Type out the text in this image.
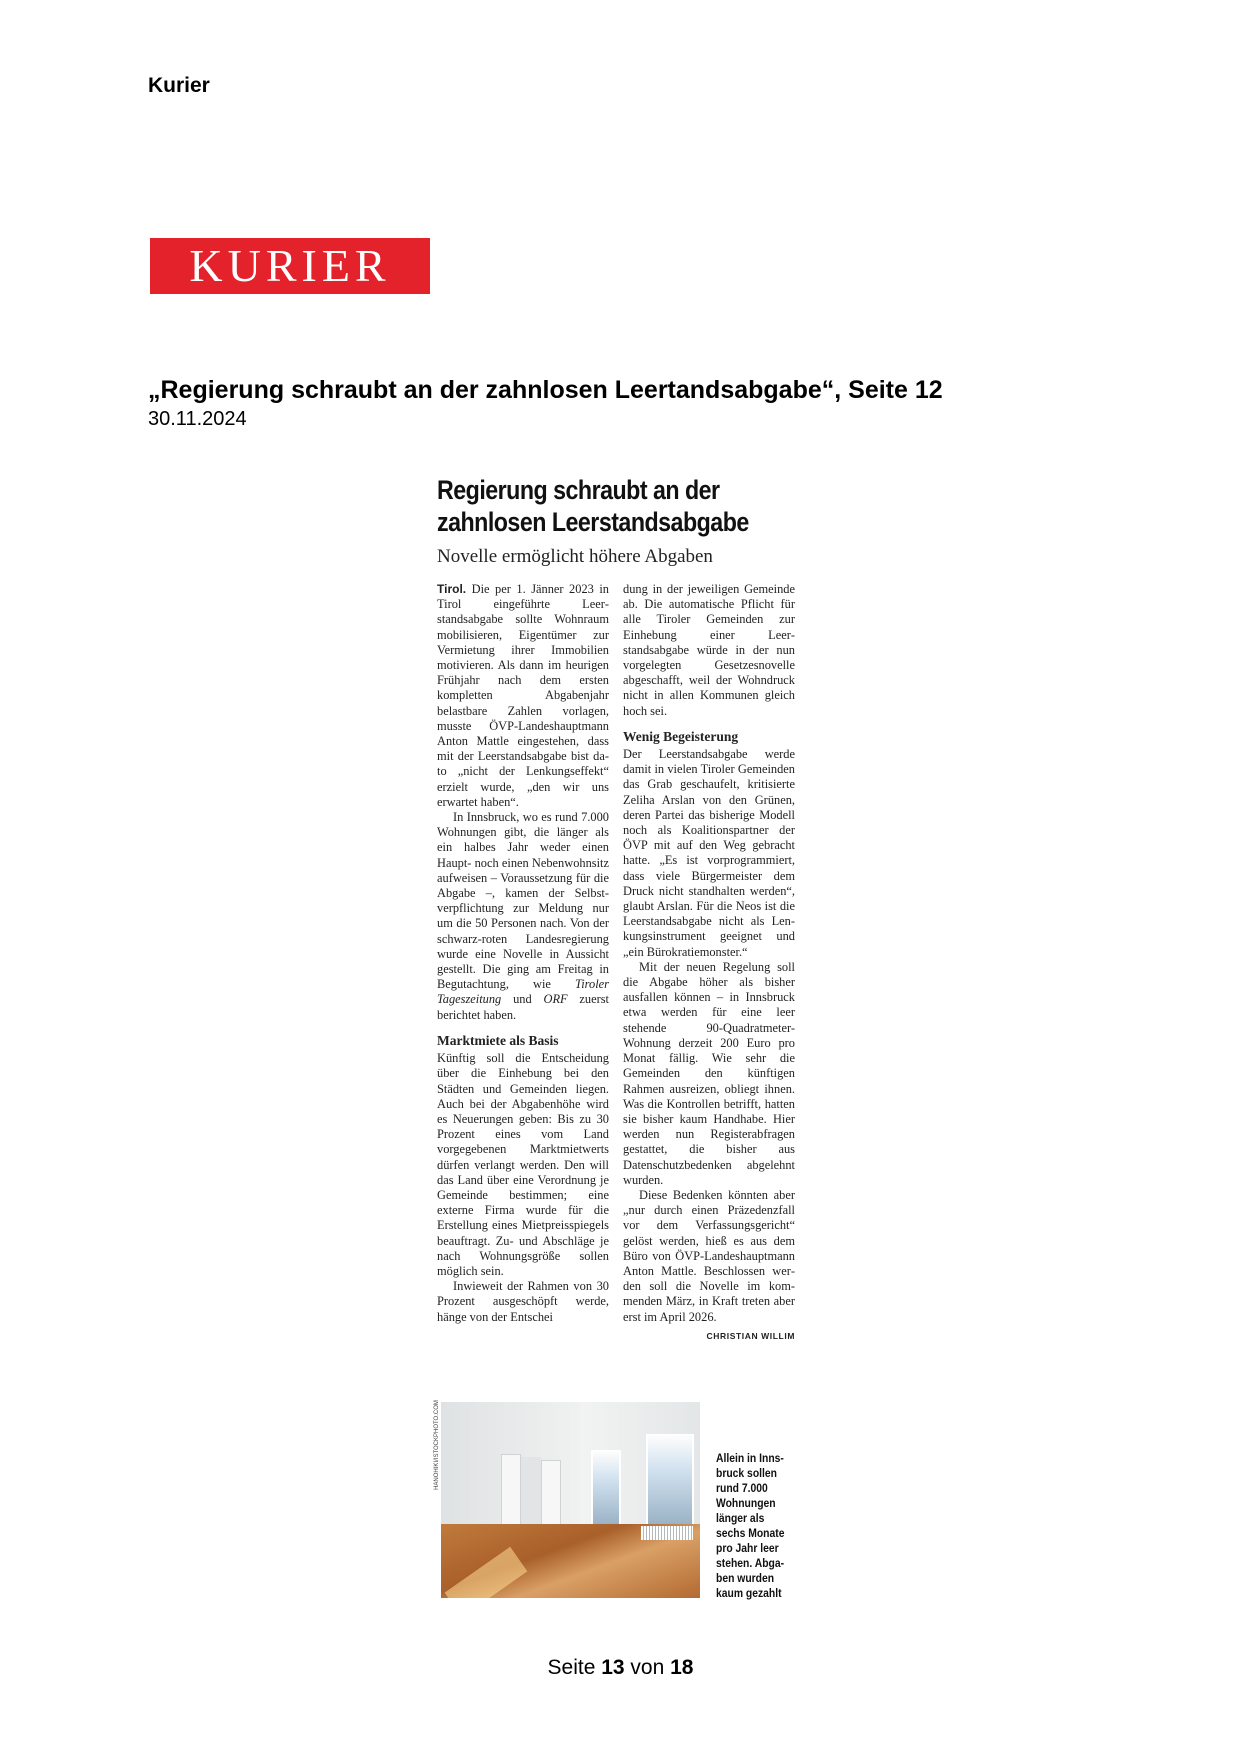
Kurier
KURIER
„Regierung schraubt an der zahnlosen Leertandsabgabe“, Seite 12
30.11.2024
Regierung schraubt an der
zahnlosen Leerstandsabgabe
Novelle ermöglicht höhere Abgaben

Tirol. Die per 1. Jänner 2023 in Tirol eingeführte Leerstandsabgabe sollte Wohnraum mobilisieren, Eigentümer zur Vermietung ihrer Immobilien motivieren. Als dann im heurigen Frühjahr nach dem ersten kompletten Abgabenjahr belastbare Zahlen vorlagen, musste ÖVP-Landeshauptmann Anton Mattle eingestehen, dass mit der Leerstandsabgabe bist dato „nicht der Lenkungseffekt“ erzielt wurde, „den wir uns erwartet haben“.

In Innsbruck, wo es rund 7.000 Wohnungen gibt, die länger als ein halbes Jahr weder einen Haupt- noch einen Nebenwohnsitz aufweisen – Voraussetzung für die Abgabe –, kamen der Selbstverpflichtung zur Meldung nur um die 50 Personen nach. Von der schwarz-roten Landesregierung wurde eine Novelle in Aussicht gestellt. Die ging am Freitag in Begutachtung, wie Tiroler Tageszeitung und ORF zuerst berichtet haben.

Marktmiete als Basis

Künftig soll die Entscheidung über die Einhebung bei den Städten und Gemeinden liegen. Auch bei der Abgabenhöhe wird es Neuerungen geben: Bis zu 30 Prozent eines vom Land vorgegebenen Marktmietwerts dürfen verlangt werden. Den will das Land über eine Verordnung je Gemeinde bestimmen; eine externe Firma wurde für die Erstellung eines Mietpreisspiegels beauftragt. Zu- und Abschläge je nach Wohnungsgröße sollen möglich sein.

Inwieweit der Rahmen von 30 Prozent ausgeschöpft werde, hänge von der Entschei

dung in der jeweiligen Gemeinde ab. Die automatische Pflicht für alle Tiroler Gemeinden zur Einhebung einer Leerstandsabgabe würde in der nun vorgelegten Gesetzesnovelle abgeschafft, weil der Wohndruck nicht in allen Kommunen gleich hoch sei.

Wenig Begeisterung

Der Leerstandsabgabe werde damit in vielen Tiroler Gemeinden das Grab geschaufelt, kritisierte Zeliha Arslan von den Grünen, deren Partei das bisherige Modell noch als Koalitionspartner der ÖVP mit auf den Weg gebracht hatte. „Es ist vorprogrammiert, dass viele Bürgermeister dem Druck nicht standhalten werden“, glaubt Arslan. Für die Neos ist die Leerstandsabgabe nicht als Lenkungsinstrument geeignet und „ein Bürokratiemonster.“

Mit der neuen Regelung soll die Abgabe höher als bisher ausfallen können – in Innsbruck etwa werden für eine leer stehende 90-Quadratmeter-Wohnung derzeit 200 Euro pro Monat fällig. Wie sehr die Gemeinden den künftigen Rahmen ausreizen, obliegt ihnen. Was die Kontrollen betrifft, hatten sie bisher kaum Handhabe. Hier werden nun Registerabfragen gestattet, die bisher aus Datenschutzbedenken abgelehnt wurden.

Diese Bedenken könnten aber „nur durch einen Präzedenzfall vor dem Verfassungsgericht“ gelöst werden, hieß es aus dem Büro von ÖVP-Landeshauptmann Anton Mattle. Beschlossen werden soll die Novelle im kommenden März, in Kraft treten aber erst im April 2026.

CHRISTIAN WILLIM
HANOHIKI/ISTOCKPHOTO.COM	Allein in Innsbruck sollen rund 7.000 Wohnungen länger als sechs Monate pro Jahr leer stehen. Abgaben wurden kaum gezahlt
Seite 13 von 18
